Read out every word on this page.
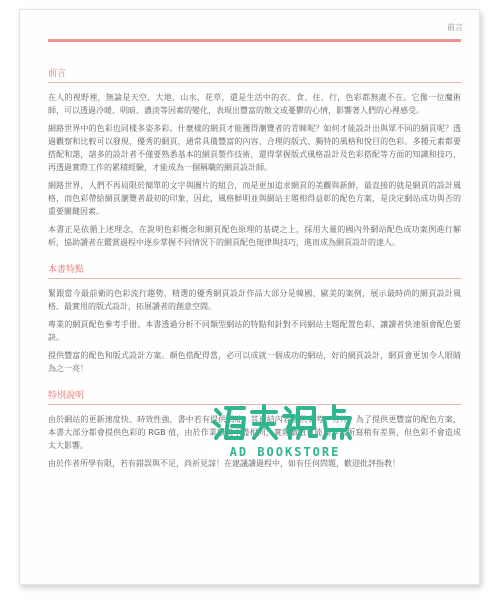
前言
前言

在人的視野裡，無論是天空、大地、山水、花草，還是生活中的衣、食、住、行，色彩都無處不在。它像一位魔術師，可以透過冷暖、明暗、濃淡等因素的變化，表現出豐富的散文或憂鬱的心情，影響著人們的心裡感受。

網路世界中的色彩也同樣多姿多彩。什麼樣的網頁才能獲得瀏覽者的青睞呢？如何才能設計出與眾不同的網頁呢？透過觀察和比較可以發現，優秀的網頁，通常具備豐富的內容、合理的版式、獨特的風格和悅目的色彩。多種元素都要搭配和諧，諸多的設計者不僅要熟悉基本的網頁製作技術，還得掌握版式風格設計及色彩搭配等方面的知識和技巧，再透過實際工作的累積經驗，才能成為一個稱職的網頁設計師。

網路世界，人們不再局限於簡單的文字與圖片的組合，而是更加追求網頁的美觀與新鮮，最直接的就是網頁的設計風格，而色彩帶給網頁瀏覽者最初的印象，因此，風格鮮明並與網站主題相得益彰的配色方案，是決定網站成功與否的重要關鍵因素。

本書正是依循上述理念，在說明色彩概念和網頁配色原理的基礎之上，採用大量的國內外網站配色成功案例進行解析，協助讀者在鑑賞過程中逐步掌握不同情況下的網頁配色規律與技巧，進而成為網頁設計的達人。

本書特點

緊跟當今最前衛的色彩流行趨勢，精選的優秀網頁設計作品大部分是韓國、歐美的案例，展示最時尚的網頁設計風格、最實用的版式設計，拓展讀者的創意空間。

專業的網頁配色參考手冊。本書透過分析不同類型網站的特點和針對不同網站主題配置色彩，讓讀者快速領會配色要訣。

提供豐富的配色和版式設計方案。顏色搭配得當，必可以成就一個成功的網站，好的網頁設計，網頁會更加令人眼睛為之一亮！

特別說明

由於網站的更新速度快、時效性強，書中若有提供網址，其連結內容僅供參考。另外，為了提供更豐富的配色方案，本書大部分都會提供色彩的 RGB 值，由於作業環境不盡相同，實際數值可能與本書所寫稍有差異，但色彩不會造成太大影響。

由於作者所學有限，若有錯誤與不足，尚祈見諒！在建議讀過程中，如有任何問題，歡迎批評指教！

AD BOOKSTORE
